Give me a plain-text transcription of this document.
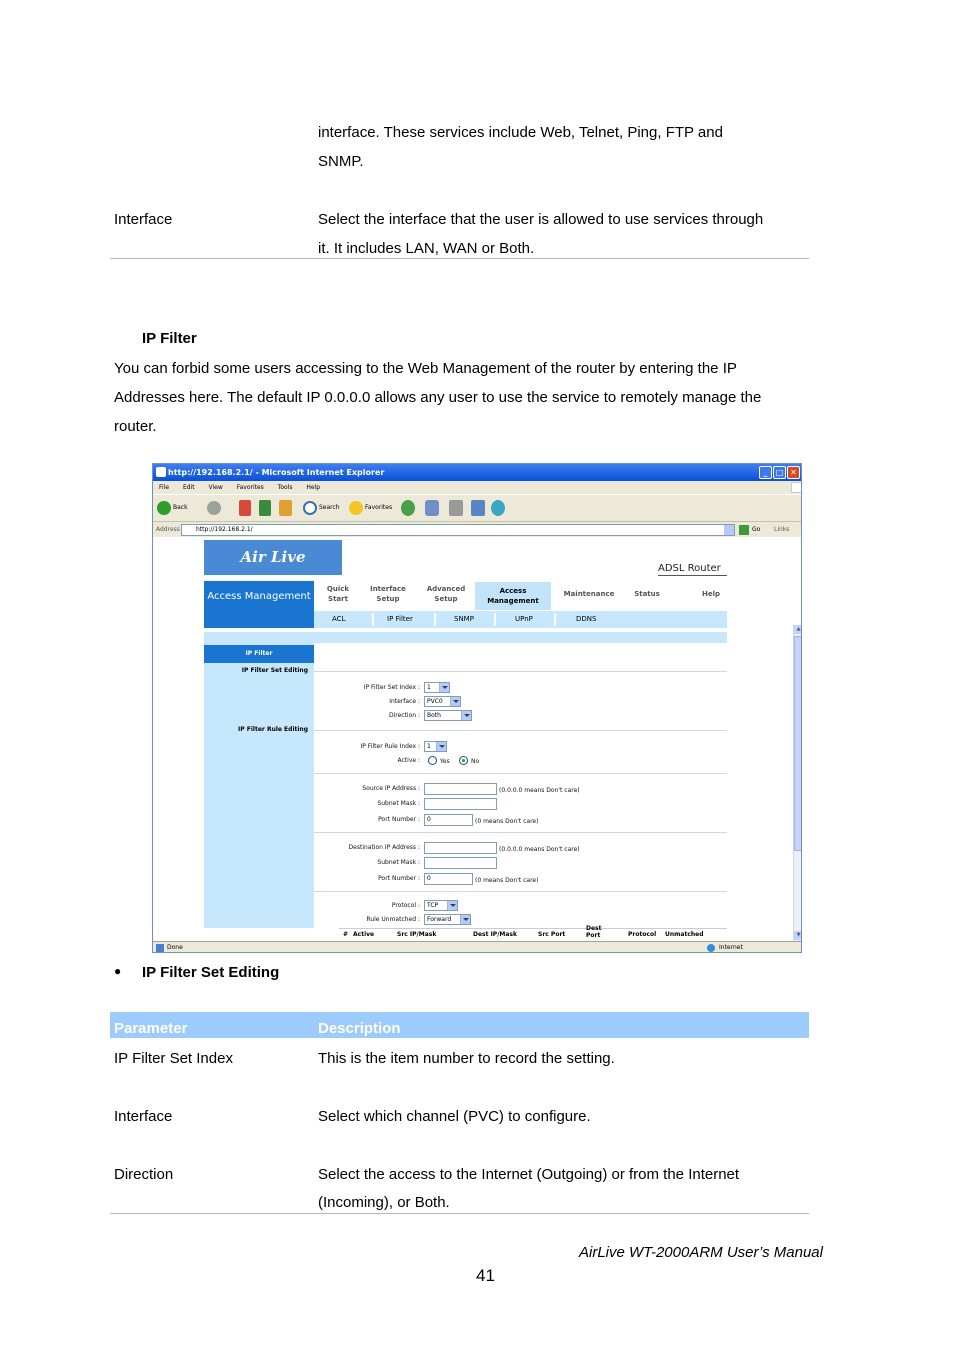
interface. These services include Web, Telnet, Ping, FTP and
SNMP.
Interface	Select the interface that the user is allowed to use services through
it. It includes LAN, WAN or Both.
IP Filter
You can forbid some users accessing to the Web Management of the router by entering the IP
Addresses here. The default IP 0.0.0.0 allows any user to use the service to remotely manage the
router.
http://192.168.2.1/ - Microsoft Internet Explorer	_	□ ✕
File Edit View Favorites Tools Help
Back	Search	Favorites
Address	http://192.168.2.1/	Go Links
Air Live
ADSL Router
Access Management
Quick Start
Interface Setup
Advanced Setup
Access Management
Maintenance	Status	Help
ACL	IP Filter	SNMP	UPnP	DDNS
IP Filter
IP Filter Set Editing
IP Filter Rule Editing
IP Filter Set Index :	1
Interface :	PVC0
Direction :	Both
IP Filter Rule Index :	1
Active :	Yes	No
Source IP Address :	(0.0.0.0 means Don't care)
Subnet Mask :
Port Number :	0	(0 means Don't care)
Destination IP Address :	(0.0.0.0 means Don't care)
Subnet Mask :
Port Number :	0	(0 means Don't care)
Protocol :	TCP
Rule Unmatched :	Forward
# Active	Src IP/Mask	Dest IP/Mask	Src Port
Dest Port	Protocol Unmatched
▲
▼
Done	Internet
● IP Filter Set Editing
Parameter	Description
IP Filter Set Index	This is the item number to record the setting.
Interface	Select which channel (PVC) to configure.
Direction	Select the access to the Internet (Outgoing) or from the Internet
(Incoming), or Both.
AirLive WT-2000ARM User’s Manual
41
